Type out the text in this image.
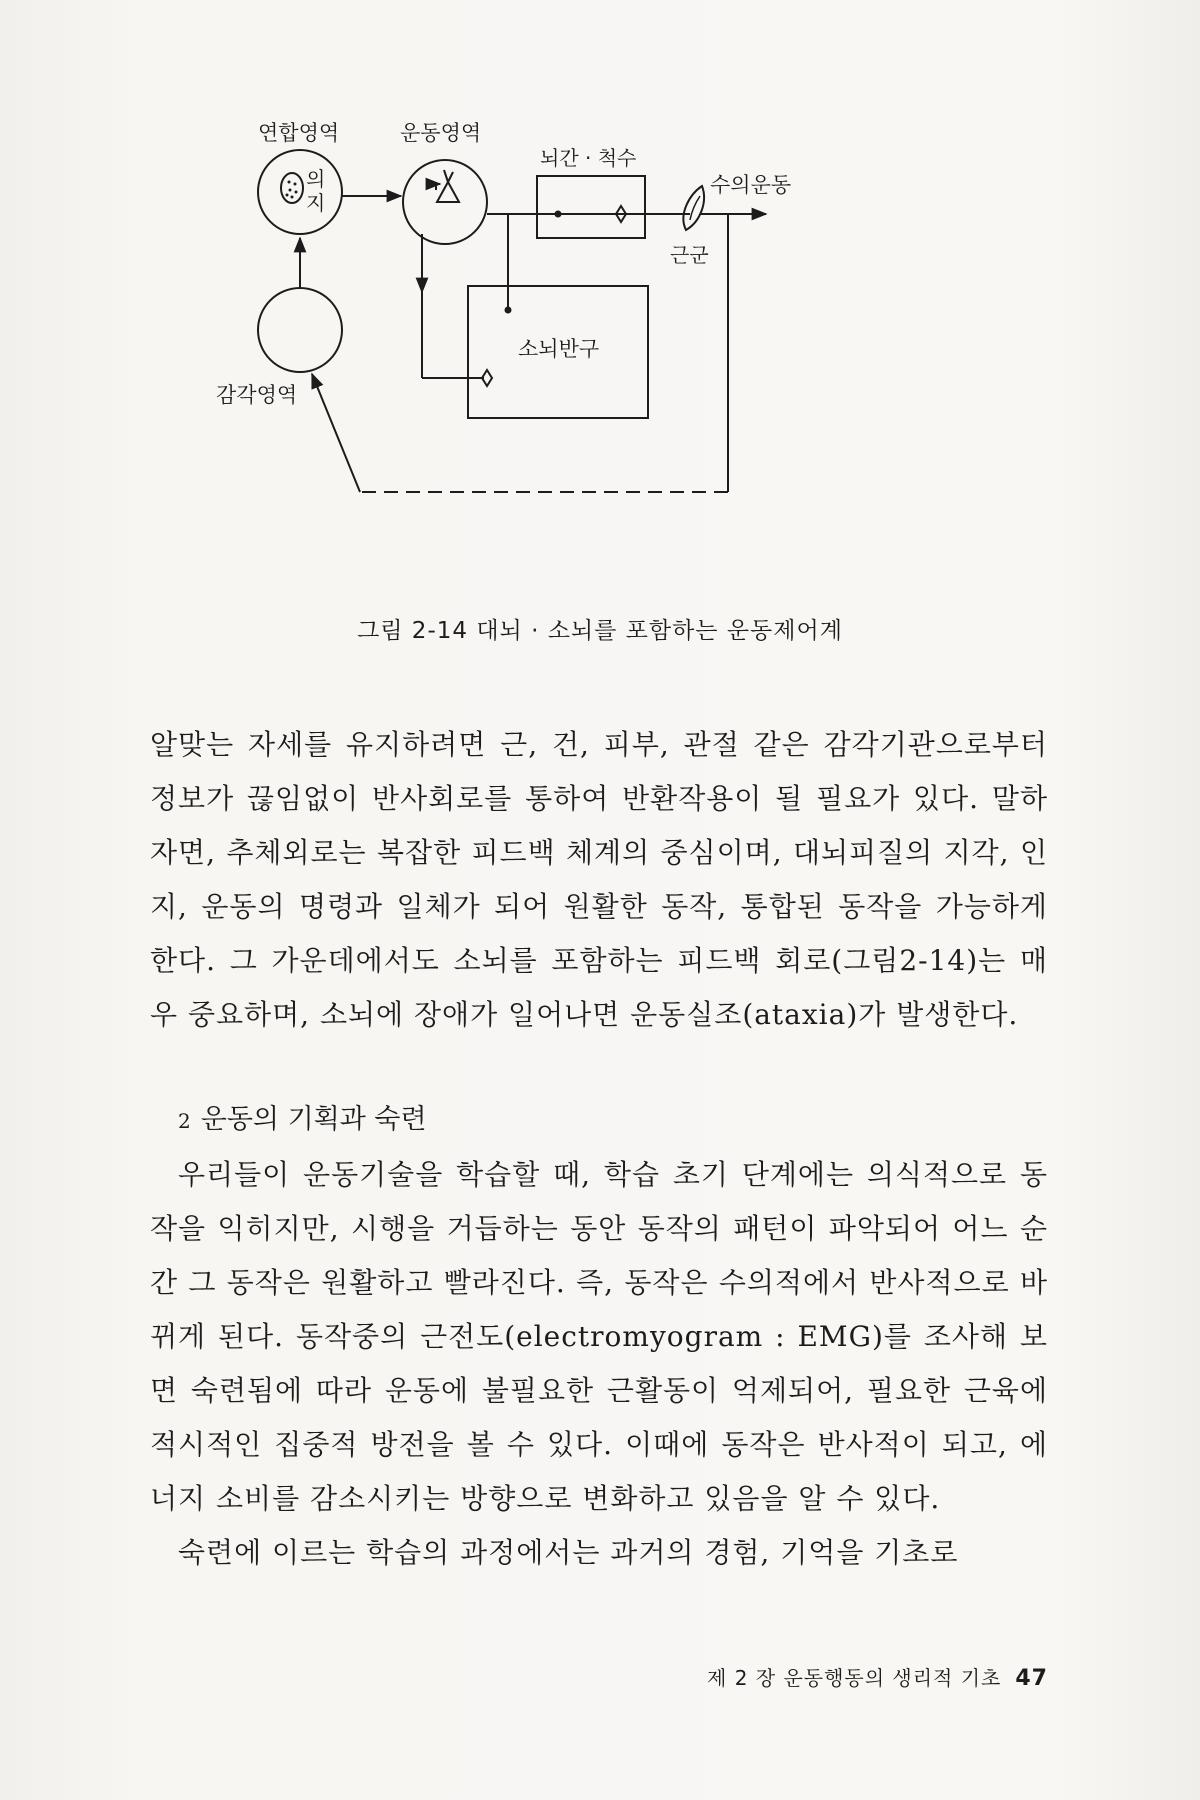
의
지
연합영역
감각영역
운동영역
뇌간 · 척수
수의운동
근군
소뇌반구
그림 2-14 대뇌 · 소뇌를 포함하는 운동제어계

알맞는 자세를 유지하려면 근, 건, 피부, 관절 같은 감각기관으로부터 정보가 끊임없이 반사회로를 통하여 반환작용이 될 필요가 있다. 말하자면, 추체외로는 복잡한 피드백 체계의 중심이며, 대뇌피질의 지각, 인지, 운동의 명령과 일체가 되어 원활한 동작, 통합된 동작을 가능하게 한다. 그 가운데에서도 소뇌를 포함하는 피드백 회로(그림2-14)는 매우 중요하며, 소뇌에 장애가 일어나면 운동실조(ataxia)가 발생한다.

2 운동의 기획과 숙련

우리들이 운동기술을 학습할 때, 학습 초기 단계에는 의식적으로 동작을 익히지만, 시행을 거듭하는 동안 동작의 패턴이 파악되어 어느 순간 그 동작은 원활하고 빨라진다. 즉, 동작은 수의적에서 반사적으로 바뀌게 된다. 동작중의 근전도(electromyogram : EMG)를 조사해 보면 숙련됨에 따라 운동에 불필요한 근활동이 억제되어, 필요한 근육에 적시적인 집중적 방전을 볼 수 있다. 이때에 동작은 반사적이 되고, 에너지 소비를 감소시키는 방향으로 변화하고 있음을 알 수 있다.

숙련에 이르는 학습의 과정에서는 과거의 경험, 기억을 기초로

제 2 장 운동행동의 생리적 기초 47
